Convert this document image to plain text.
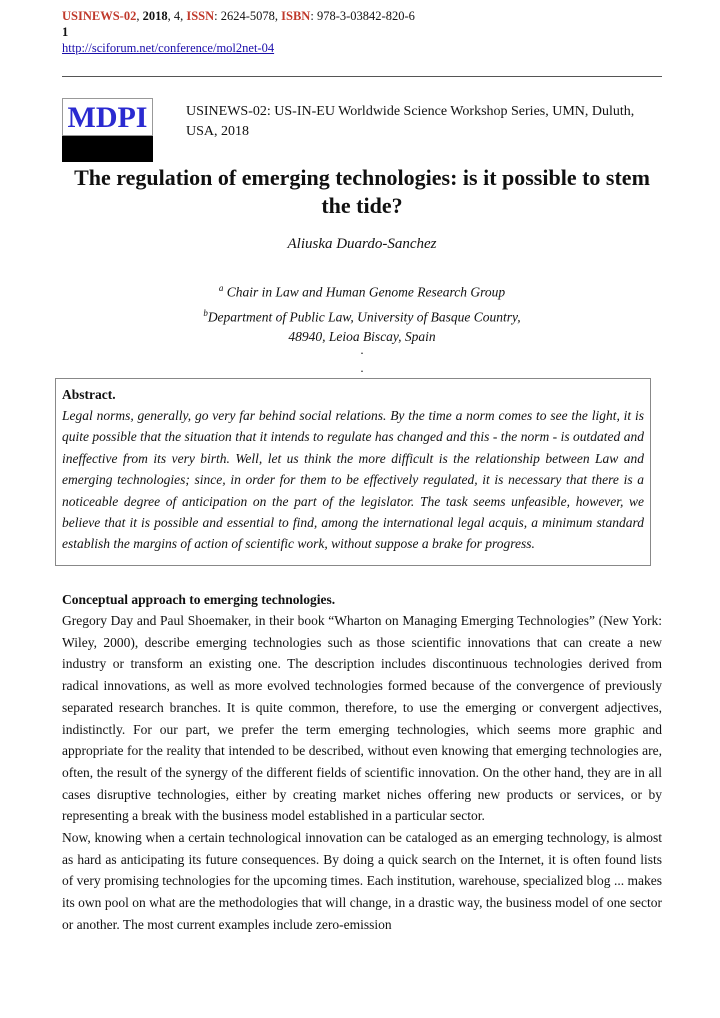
USINEWS-02, 2018, 4, ISSN: 2624-5078, ISBN: 978-3-03842-820-6
1
http://sciforum.net/conference/mol2net-04
MDPI	USINEWS-02: US-IN-EU Worldwide Science Workshop Series, UMN, Duluth, USA, 2018
The regulation of emerging technologies: is it possible to stem the tide?
Aliuska Duardo-Sanchez
$^a$ Chair in Law and Human Genome Research Group
$^b$Department of Public Law, University of Basque Country,
48940, Leioa Biscay, Spain
.
.
Abstract.
Legal norms, generally, go very far behind social relations. By the time a norm comes to see the light, it is quite possible that the situation that it intends to regulate has changed and this - the norm - is outdated and ineffective from its very birth. Well, let us think the more difficult is the relationship between Law and emerging technologies; since, in order for them to be effectively regulated, it is necessary that there is a noticeable degree of anticipation on the part of the legislator. The task seems unfeasible, however, we believe that it is possible and essential to find, among the international legal acquis, a minimum standard establish the margins of action of scientific work, without suppose a brake for progress.
Conceptual approach to emerging technologies.

Gregory Day and Paul Shoemaker, in their book “Wharton on Managing Emerging Technologies” (New York: Wiley, 2000), describe emerging technologies such as those scientific innovations that can create a new industry or transform an existing one. The description includes discontinuous technologies derived from radical innovations, as well as more evolved technologies formed because of the convergence of previously separated research branches. It is quite common, therefore, to use the emerging or convergent adjectives, indistinctly. For our part, we prefer the term emerging technologies, which seems more graphic and appropriate for the reality that intended to be described, without even knowing that emerging technologies are, often, the result of the synergy of the different fields of scientific innovation. On the other hand, they are in all cases disruptive technologies, either by creating market niches offering new products or services, or by representing a break with the business model established in a particular sector.

Now, knowing when a certain technological innovation can be cataloged as an emerging technology, is almost as hard as anticipating its future consequences. By doing a quick search on the Internet, it is often found lists of very promising technologies for the upcoming times. Each institution, warehouse, specialized blog ... makes its own pool on what are the methodologies that will change, in a drastic way, the business model of one sector or another. The most current examples include zero-emission
